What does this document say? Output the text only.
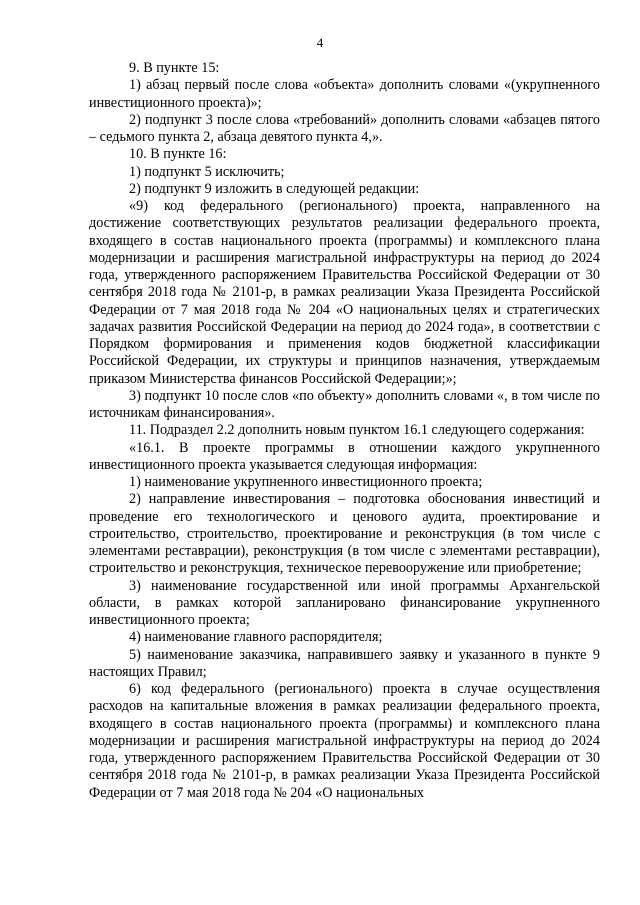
4

9. В пункте 15:

1) абзац первый после слова «объекта» дополнить словами «(укрупненного инвестиционного проекта)»;

2) подпункт 3 после слова «требований» дополнить словами «абзацев пятого – седьмого пункта 2, абзаца девятого пункта 4,».

10. В пункте 16:

1) подпункт 5 исключить;

2) подпункт 9 изложить в следующей редакции:

«9) код федерального (регионального) проекта, направленного на достижение соответствующих результатов реализации федерального проекта, входящего в состав национального проекта (программы) и комплексного плана модернизации и расширения магистральной инфраструктуры на период до 2024 года, утвержденного распоряжением Правительства Российской Федерации от 30 сентября 2018 года № 2101-р, в рамках реализации Указа Президента Российской Федерации от 7 мая 2018 года № 204 «О национальных целях и стратегических задачах развития Российской Федерации на период до 2024 года», в соответствии с Порядком формирования и применения кодов бюджетной классификации Российской Федерации, их структуры и принципов назначения, утверждаемым приказом Министерства финансов Российской Федерации;»;

3) подпункт 10 после слов «по объекту» дополнить словами «, в том числе по источникам финансирования».

11. Подраздел 2.2 дополнить новым пунктом 16.1 следующего содержания:

«16.1. В проекте программы в отношении каждого укрупненного инвестиционного проекта указывается следующая информация:

1) наименование укрупненного инвестиционного проекта;

2) направление инвестирования – подготовка обоснования инвестиций и проведение его технологического и ценового аудита, проектирование и строительство, строительство, проектирование и реконструкция (в том числе с элементами реставрации), реконструкция (в том числе с элементами реставрации), строительство и реконструкция, техническое перевооружение или приобретение;

3) наименование государственной или иной программы Архангельской области, в рамках которой запланировано финансирование укрупненного инвестиционного проекта;

4) наименование главного распорядителя;

5) наименование заказчика, направившего заявку и указанного в пункте 9 настоящих Правил;

6) код федерального (регионального) проекта в случае осуществления расходов на капитальные вложения в рамках реализации федерального проекта, входящего в состав национального проекта (программы) и комплексного плана модернизации и расширения магистральной инфраструктуры на период до 2024 года, утвержденного распоряжением Правительства Российской Федерации от 30 сентября 2018 года № 2101-р, в рамках реализации Указа Президента Российской Федерации от 7 мая 2018 года № 204 «О национальных
